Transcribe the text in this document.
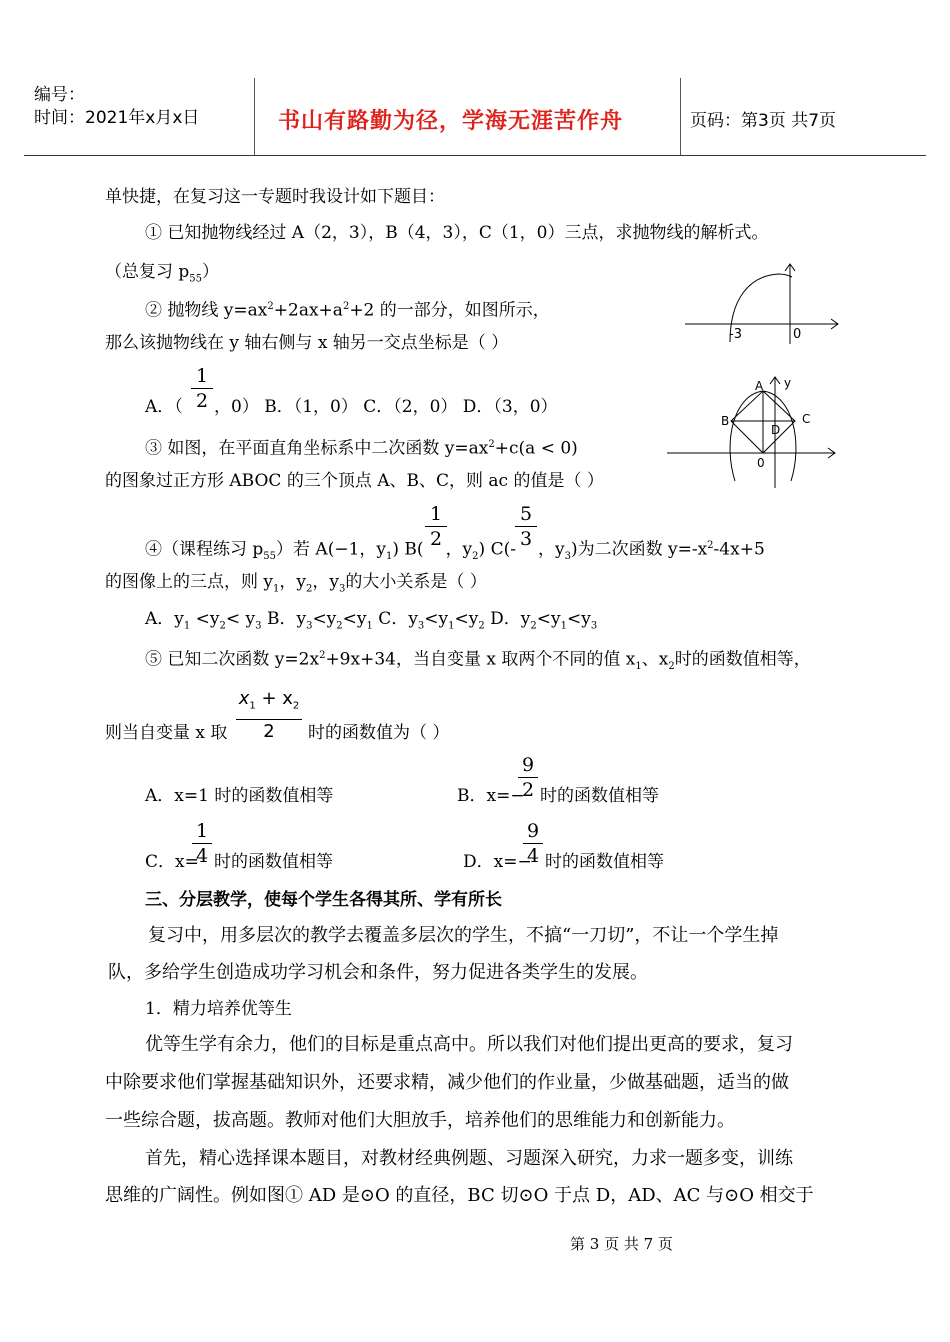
编号：
时间：2021年x月x日	书山有路勤为径，学海无涯苦作舟	页码：第3页 共7页
单快捷，在复习这一专题时我设计如下题目：
① 已知抛物线经过 A（2，3），B（4，3），C（1，0）三点，求抛物线的解析式。
（总复习 $p_{55}$）
② 抛物线 $y=ax^2+2ax+a^2+2$ 的一部分，如图所示，
那么该抛物线在 y 轴右侧与 x 轴另一交点坐标是（ ）	-3	0
A．（
1
2 ，0） B．（1，0） C．（2，0） D．（3，0）
A y
B	C
D
0
③ 如图，在平面直角坐标系中二次函数 $y=ax^2+c(a < 0)$
的图象过正方形 ABOC 的三个顶点 A、B、C，则 ac 的值是（ ）
④（课程练习 $p_{55}$）若 A(−1，$y_1$) B( ，$y_2$) C(- ，$y_3$)为二次函数 $y=-x^2-4x+5$
1
2
5
3
的图像上的三点，则 $y_1$，$y_2$，$y_3$的大小关系是（ ）
A．$y_1 <y_2< y_3$ B．$y_3<y_2<y_1$ C．$y_3<y_1<y_2$ D．$y_2<y_1<y_3$
⑤ 已知二次函数 $y=2x^2+9x+34$，当自变量 x 取两个不同的值 $x_1$、$x_2$时的函数值相等，
则当自变量 x 取
$x_1 + x_2$
2	时的函数值为（ ）
A．x=1 时的函数值相等	B．x=−
9
2 时的函数值相等
C．x=
1
4 时的函数值相等	D．x=−
9
4 时的函数值相等
三、分层教学，使每个学生各得其所、学有所长
复习中，用多层次的教学去覆盖多层次的学生，不搞“一刀切”，不让一个学生掉
队，多给学生创造成功学习机会和条件，努力促进各类学生的发展。
1．精力培养优等生
优等生学有余力，他们的目标是重点高中。所以我们对他们提出更高的要求，复习
中除要求他们掌握基础知识外，还要求精，减少他们的作业量，少做基础题，适当的做
一些综合题，拔高题。教师对他们大胆放手，培养他们的思维能力和创新能力。
首先，精心选择课本题目，对教材经典例题、习题深入研究，力求一题多变，训练
思维的广阔性。例如图① AD 是⊙O 的直径，BC 切⊙O 于点 D，AD、AC 与⊙O 相交于
第 3 页 共 7 页
